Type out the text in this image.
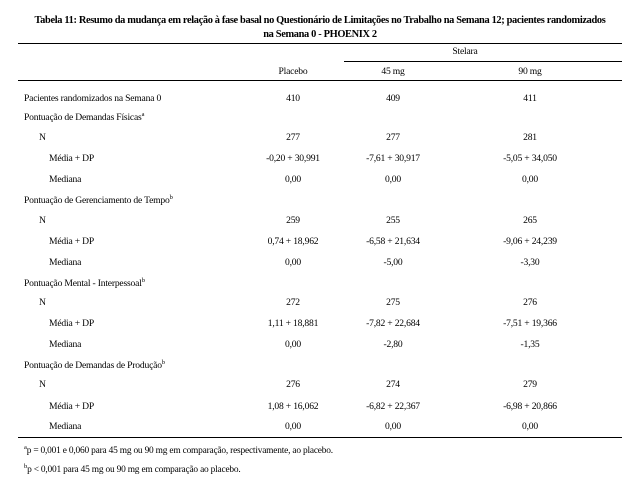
Tabela 11: Resumo da mudança em relação à fase basal no Questionário de Limitações no Trabalho na Semana 12; pacientes randomizados
na Semana 0 - PHOENIX 2
Stelara
Placebo	45 mg	90 mg
Pacientes randomizados na Semana 0	410	409	411
Pontuação de Demandas Físicas$^a$
N	277	277	281
Média + DP	-0,20 + 30,991	-7,61 + 30,917	-5,05 + 34,050
Mediana	0,00	0,00	0,00
Pontuação de Gerenciamento de Tempo$^b$
N	259	255	265
Média + DP	0,74 + 18,962	-6,58 + 21,634	-9,06 + 24,239
Mediana	0,00	-5,00	-3,30
Pontuação Mental - Interpessoal$^b$
N	272	275	276
Média + DP	1,11 + 18,881	-7,82 + 22,684	-7,51 + 19,366
Mediana	0,00	-2,80	-1,35
Pontuação de Demandas de Produção$^b$
N	276	274	279
Média + DP	1,08 + 16,062	-6,82 + 22,367	-6,98 + 20,866
Mediana	0,00	0,00	0,00
$^a$p = 0,001 e 0,060 para 45 mg ou 90 mg em comparação, respectivamente, ao placebo.
$^b$p < 0,001 para 45 mg ou 90 mg em comparação ao placebo.
